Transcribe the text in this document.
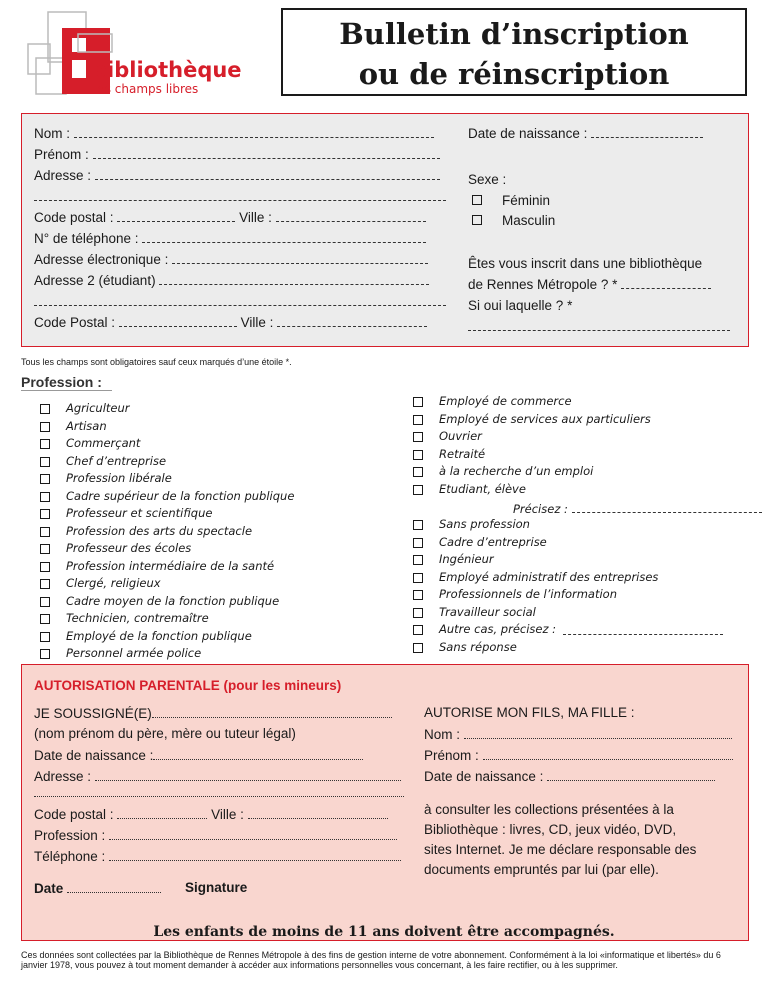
bibliothèque
les champs libres
Bulletin d’inscription
ou de réinscription
Nom :
Prénom :
Adresse :
Code postal :	Ville :
N° de téléphone :
Adresse électronique :
Adresse 2 (étudiant)
Code Postal :	Ville :
Date de naissance :
Sexe :
Féminin
Masculin
Êtes vous inscrit dans une bibliothèque
de Rennes Métropole ? *
Si oui laquelle ? *
Tous les champs sont obligatoires sauf ceux marqués d’une étoile *.
Profession :
AUTORISATION PARENTALE (pour les mineurs)
JE SOUSSIGNÉ(E)
(nom prénom du père, mère ou tuteur légal)
Date de naissance :
Adresse :
Code postal :	Ville :
Profession :
Téléphone :
AUTORISE MON FILS, MA FILLE :
Nom :
Prénom :
Date de naissance :
à consulter les collections présentées à la
Bibliothèque : livres, CD, jeux vidéo, DVD,
sites Internet. Je me déclare responsable des
documents empruntés par lui (par elle).
Date	Signature
Les enfants de moins de 11 ans doivent être accompagnés.
Ces données sont collectées par la Bibliothèque de Rennes Métropole à des fins de gestion interne de votre abonnement. Conformément à la loi «informatique et libertés» du 6 janvier 1978, vous pouvez à tout moment demander à accéder aux informations personnelles vous concernant, à les faire rectifier, ou à les supprimer.
Agriculteur
Artisan
Commerçant
Chef d’entreprise
Profession libérale
Cadre supérieur de la fonction publique
Professeur et scientifique
Profession des arts du spectacle
Professeur des écoles
Profession intermédiaire de la santé
Clergé, religieux
Cadre moyen de la fonction publique
Technicien, contremaître
Employé de la fonction publique
Personnel armée police
Employé de commerce
Employé de services aux particuliers
Ouvrier
Retraité
à la recherche d’un emploi
Etudiant, élève
Précisez :
Sans profession
Cadre d’entreprise
Ingénieur
Employé administratif des entreprises
Professionnels de l’information
Travailleur social
Autre cas, précisez :
Sans réponse
